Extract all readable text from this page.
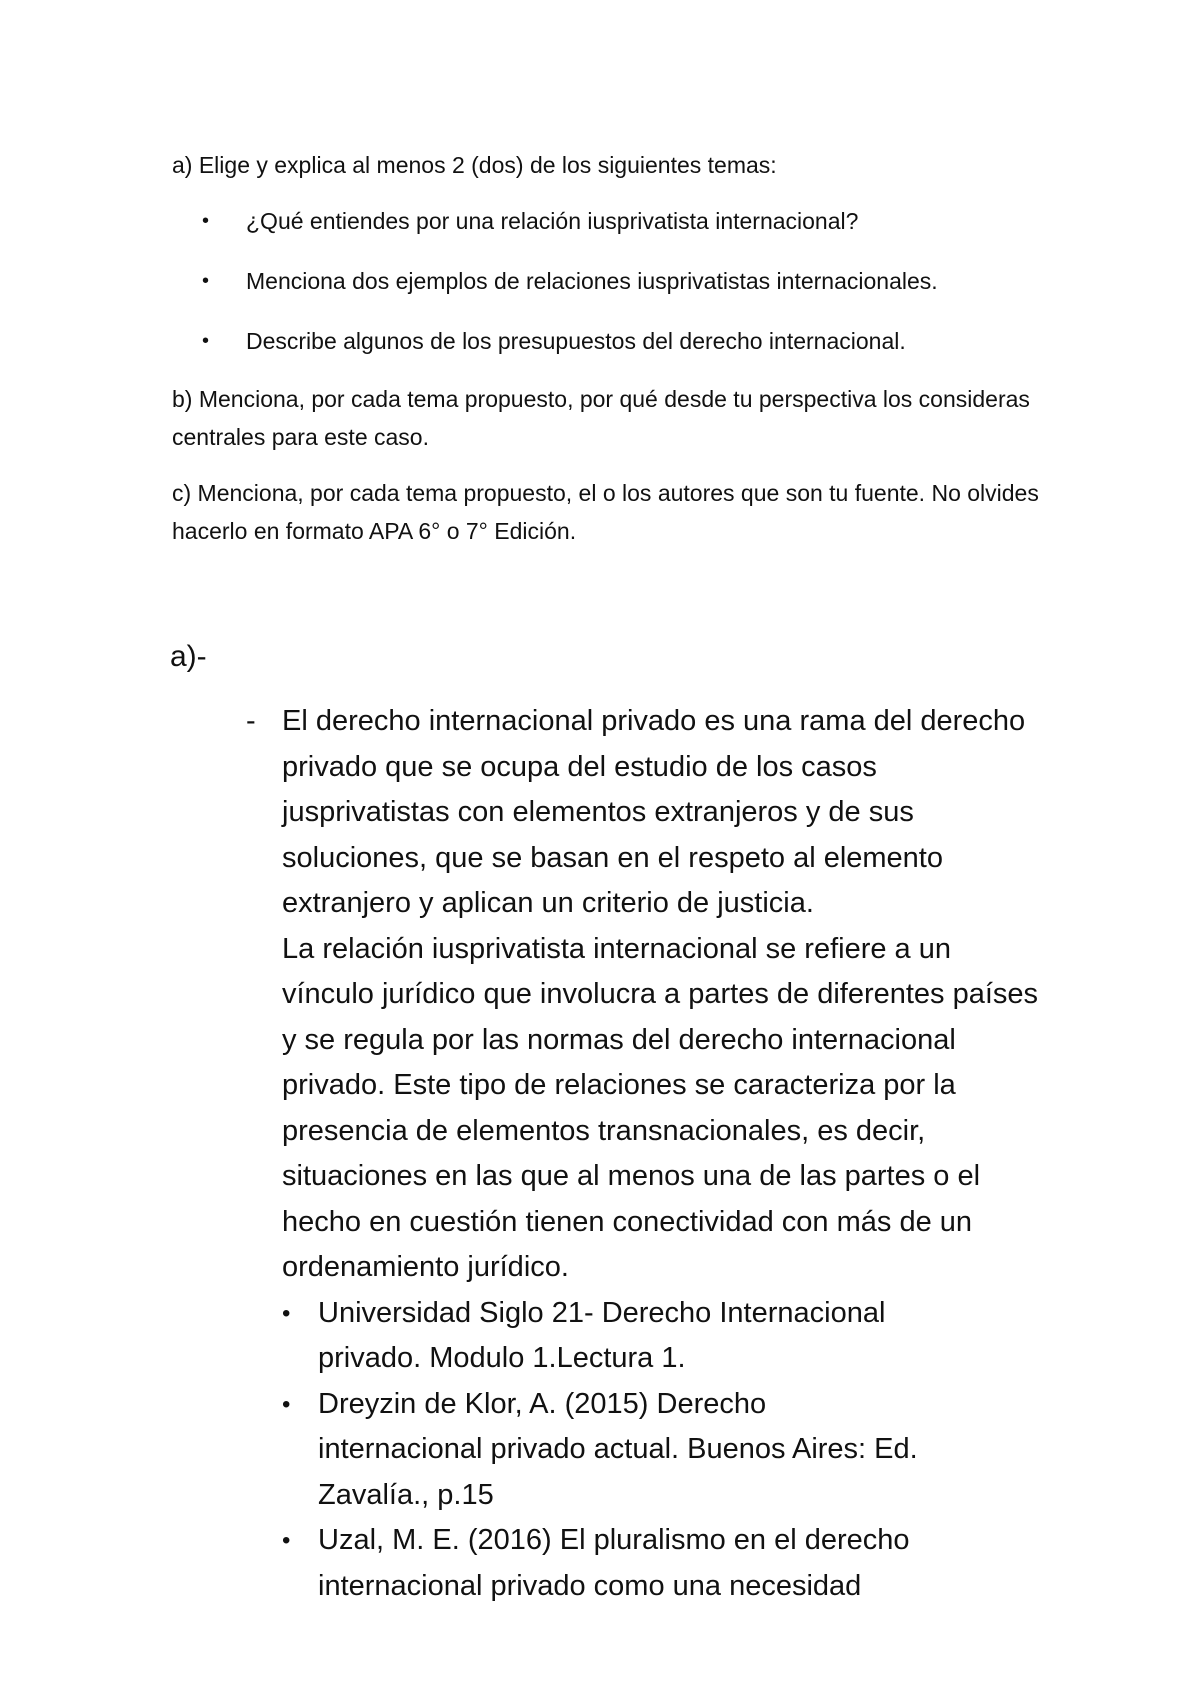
a) Elige y explica al menos 2 (dos) de los siguientes temas:

• ¿Qué entiendes por una relación iusprivatista internacional?
• Menciona dos ejemplos de relaciones iusprivatistas internacionales.
• Describe algunos de los presupuestos del derecho internacional.

b) Menciona, por cada tema propuesto, por qué desde tu perspectiva los consideras centrales para este caso.

c) Menciona, por cada tema propuesto, el o los autores que son tu fuente. No olvides hacerlo en formato APA 6° o 7° Edición.

a)-

- El derecho internacional privado es una rama del derecho privado que se ocupa del estudio de los casos jusprivatistas con elementos extranjeros y de sus soluciones, que se basan en el respeto al elemento extranjero y aplican un criterio de justicia.

La relación iusprivatista internacional se refiere a un vínculo jurídico que involucra a partes de diferentes países y se regula por las normas del derecho internacional privado. Este tipo de relaciones se caracteriza por la presencia de elementos transnacionales, es decir, situaciones en las que al menos una de las partes o el hecho en cuestión tienen conectividad con más de un ordenamiento jurídico.

• Universidad Siglo 21- Derecho Internacional privado. Modulo 1.Lectura 1.
• Dreyzin de Klor, A. (2015) Derecho internacional privado actual. Buenos Aires: Ed. Zavalía., p.15
• Uzal, M. E. (2016) El pluralismo en el derecho internacional privado como una necesidad
